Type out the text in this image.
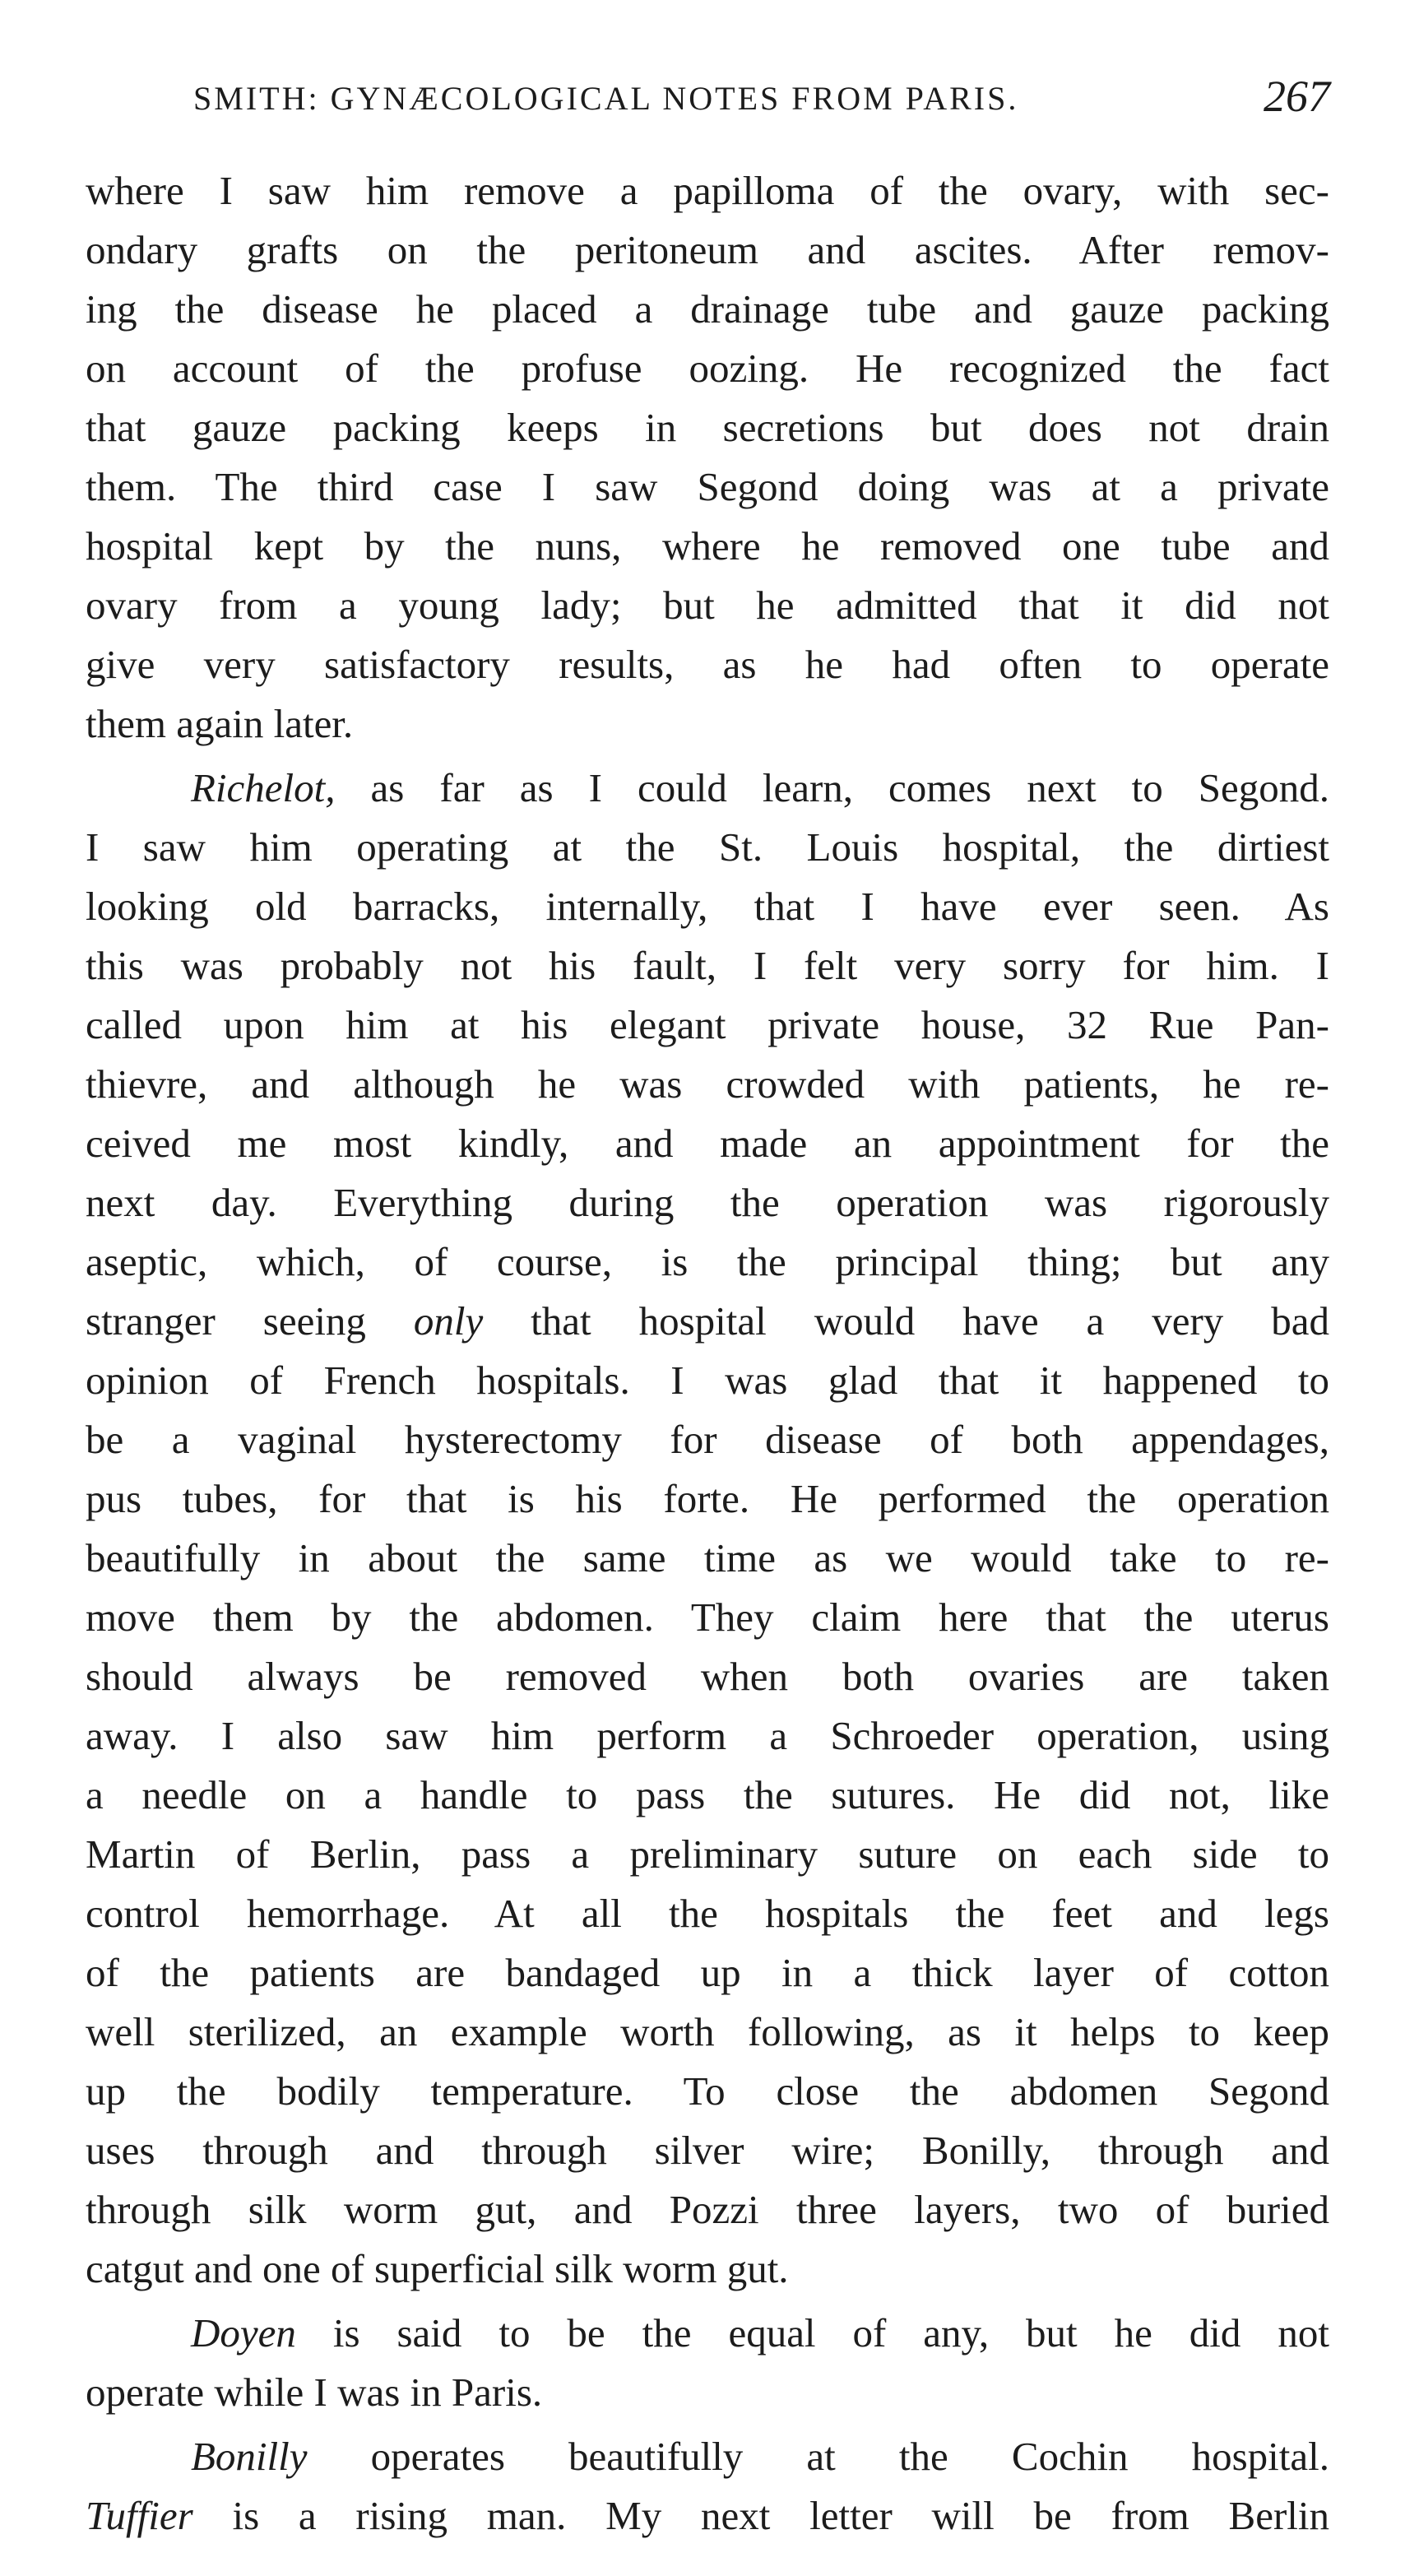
SMITH: GYNÆCOLOGICAL NOTES FROM PARIS.	267
where I saw him remove a papilloma of the ovary, with sec-
ondary grafts on the peritoneum and ascites. After remov-
ing the disease he placed a drainage tube and gauze packing
on account of the profuse oozing. He recognized the fact
that gauze packing keeps in secretions but does not drain
them. The third case I saw Segond doing was at a private
hospital kept by the nuns, where he removed one tube and
ovary from a young lady; but he admitted that it did not
give very satisfactory results, as he had often to operate
them again later.
Richelot, as far as I could learn, comes next to Segond.
I saw him operating at the St. Louis hospital, the dirtiest
looking old barracks, internally, that I have ever seen. As
this was probably not his fault, I felt very sorry for him. I
called upon him at his elegant private house, 32 Rue Pan-
thievre, and although he was crowded with patients, he re-
ceived me most kindly, and made an appointment for the
next day. Everything during the operation was rigorously
aseptic, which, of course, is the principal thing; but any
stranger seeing only that hospital would have a very bad
opinion of French hospitals. I was glad that it happened to
be a vaginal hysterectomy for disease of both appendages,
pus tubes, for that is his forte. He performed the operation
beautifully in about the same time as we would take to re-
move them by the abdomen. They claim here that the uterus
should always be removed when both ovaries are taken
away. I also saw him perform a Schroeder operation, using
a needle on a handle to pass the sutures. He did not, like
Martin of Berlin, pass a preliminary suture on each side to
control hemorrhage. At all the hospitals the feet and legs
of the patients are bandaged up in a thick layer of cotton
well sterilized, an example worth following, as it helps to keep
up the bodily temperature. To close the abdomen Segond
uses through and through silver wire; Bonilly, through and
through silk worm gut, and Pozzi three layers, two of buried
catgut and one of superficial silk worm gut.
Doyen is said to be the equal of any, but he did not
operate while I was in Paris.
Bonilly operates beautifully at the Cochin hospital.
Tuffier is a rising man. My next letter will be from Berlin
